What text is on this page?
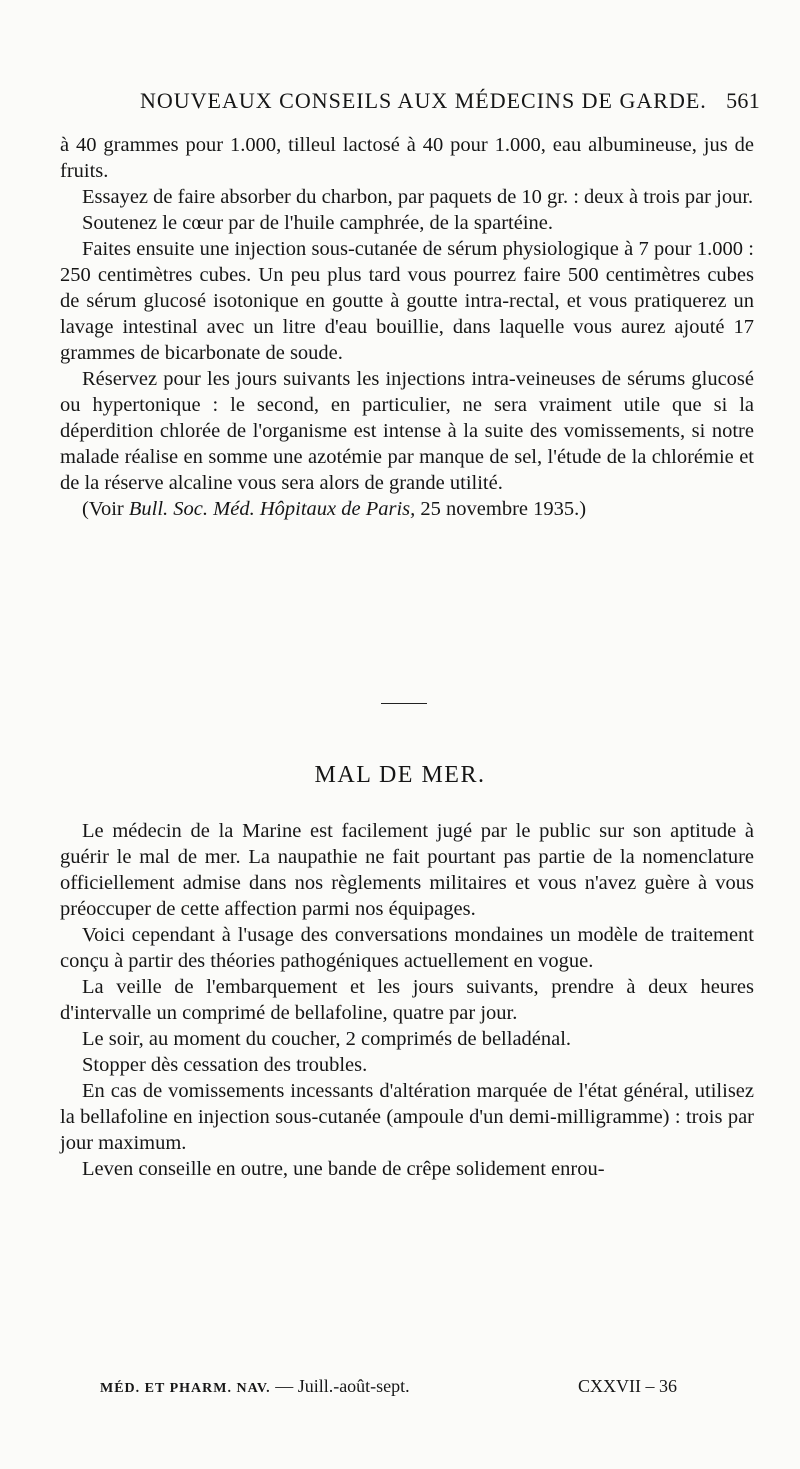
NOUVEAUX CONSEILS AUX MÉDECINS DE GARDE. 561

à 40 grammes pour 1.000, tilleul lactosé à 40 pour 1.000, eau albumineuse, jus de fruits.

Essayez de faire absorber du charbon, par paquets de 10 gr. : deux à trois par jour.

Soutenez le cœur par de l'huile camphrée, de la spartéine.

Faites ensuite une injection sous-cutanée de sérum physiologique à 7 pour 1.000 : 250 centimètres cubes. Un peu plus tard vous pourrez faire 500 centimètres cubes de sérum glucosé isotonique en goutte à goutte intra-rectal, et vous pratiquerez un lavage intestinal avec un litre d'eau bouillie, dans laquelle vous aurez ajouté 17 grammes de bicarbonate de soude.

Réservez pour les jours suivants les injections intra-veineuses de sérums glucosé ou hypertonique : le second, en particulier, ne sera vraiment utile que si la déperdition chlorée de l'organisme est intense à la suite des vomissements, si notre malade réalise en somme une azotémie par manque de sel, l'étude de la chlorémie et de la réserve alcaline vous sera alors de grande utilité.

(Voir Bull. Soc. Méd. Hôpitaux de Paris, 25 novembre 1935.)

MAL DE MER.

Le médecin de la Marine est facilement jugé par le public sur son aptitude à guérir le mal de mer. La naupathie ne fait pourtant pas partie de la nomenclature officiellement admise dans nos règlements militaires et vous n'avez guère à vous préoccuper de cette affection parmi nos équipages.

Voici cependant à l'usage des conversations mondaines un modèle de traitement conçu à partir des théories pathogéniques actuellement en vogue.

La veille de l'embarquement et les jours suivants, prendre à deux heures d'intervalle un comprimé de bellafoline, quatre par jour.

Le soir, au moment du coucher, 2 comprimés de belladénal.

Stopper dès cessation des troubles.

En cas de vomissements incessants d'altération marquée de l'état général, utilisez la bellafoline en injection sous-cutanée (ampoule d'un demi-milligramme) : trois par jour maximum.

Leven conseille en outre, une bande de crêpe solidement enrou-

MÉD. ET PHARM. NAV. — Juill.-août-sept.	CXXVII – 36
